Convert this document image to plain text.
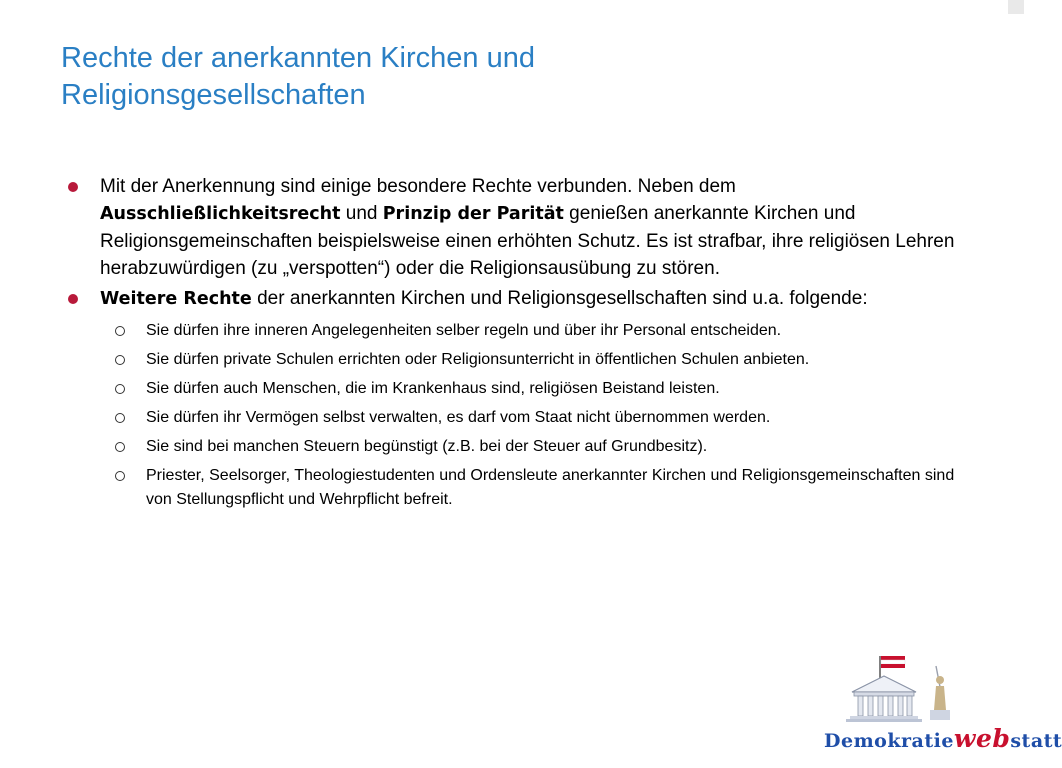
Rechte der anerkannten Kirchen und
Religionsgesellschaften
Mit der Anerkennung sind einige besondere Rechte verbunden. Neben dem Ausschließlichkeitsrecht und Prinzip der Parität genießen anerkannte Kirchen und Religionsgemeinschaften beispielsweise einen erhöhten Schutz. Es ist strafbar, ihre religiösen Lehren herabzuwürdigen (zu „verspotten“) oder die Religionsausübung zu stören.
Weitere Rechte der anerkannten Kirchen und Religionsgesellschaften sind u.a. folgende:
Sie dürfen ihre inneren Angelegenheiten selber regeln und über ihr Personal entscheiden.
Sie dürfen private Schulen errichten oder Religionsunterricht in öffentlichen Schulen anbieten.
Sie dürfen auch Menschen, die im Krankenhaus sind, religiösen Beistand leisten.
Sie dürfen ihr Vermögen selbst verwalten, es darf vom Staat nicht übernommen werden.
Sie sind bei manchen Steuern begünstigt (z.B. bei der Steuer auf Grundbesitz).
Priester, Seelsorger, Theologiestudenten und Ordensleute anerkannter Kirchen und Religionsgemeinschaften sind von Stellungspflicht und Wehrpflicht befreit.
Demokratiewebstatt
